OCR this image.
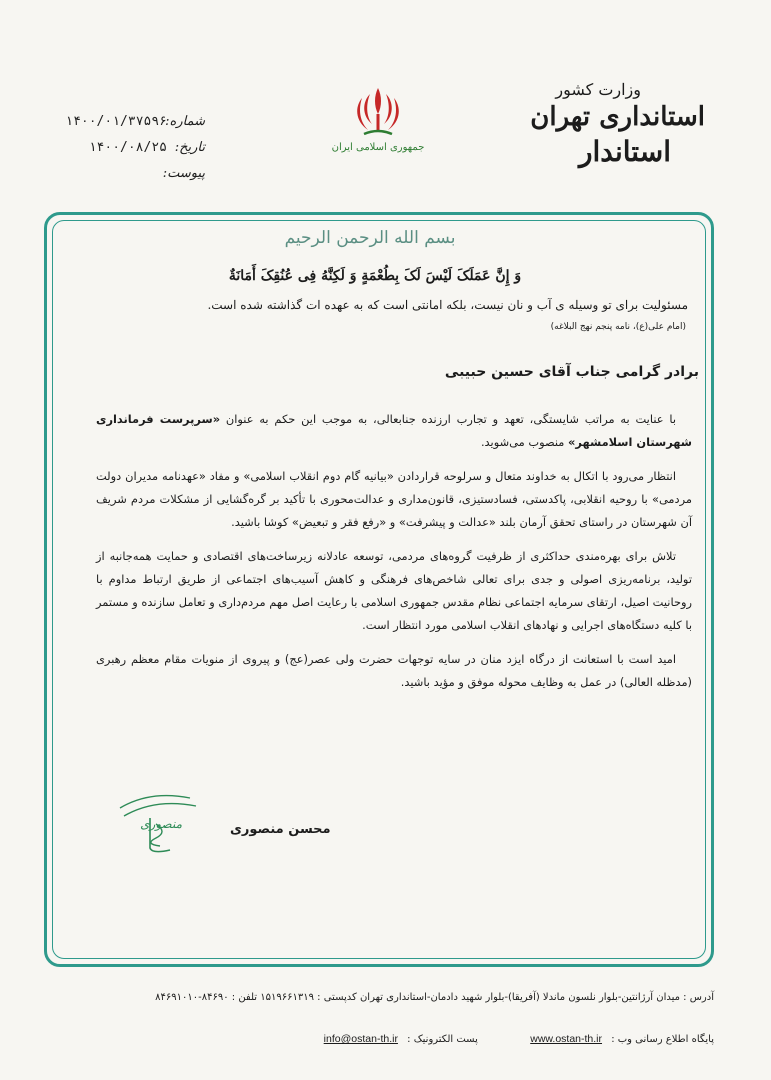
وزارت کشور
استانداری تهران
استاندار
جمهوری اسلامی ایران
شماره:
۱۴۰۰/۰۱/۳۷۵۹۶
تاریخ:
۱۴۰۰/۰۸/۲۵
پیوست:
بسم الله الرحمن الرحیم
وَ إِنَّ عَمَلَکَ لَیْسَ لَکَ بِطُعْمَةٍ وَ لَکِنَّهُ فِی عُنُقِکَ أَمَانَةٌ
مسئولیت برای تو وسیله ی آب و نان نیست، بلکه امانتی است که به عهده ات گذاشته شده است.
(امام علی(ع)، نامه پنجم نهج البلاغه)
برادر گرامی جناب آقای حسین حبیبی

با عنایت به مراتب شایستگی، تعهد و تجارب ارزنده جنابعالی، به موجب این حکم به عنوان «سرپرست فرمانداری شهرستان اسلامشهر» منصوب می‌شوید.

انتظار می‌رود با اتکال به خداوند متعال و سرلوحه قراردادن «بیانیه گام دوم انقلاب اسلامی» و مفاد «عهدنامه مدیران دولت مردمی» با روحیه انقلابی، پاکدستی، فسادستیزی، قانون‌مداری و عدالت‌محوری با تأکید بر گره‌گشایی از مشکلات مردم شریف آن شهرستان در راستای تحقق آرمان بلند «عدالت و پیشرفت» و «رفع فقر و تبعیض» کوشا باشید.

تلاش برای بهره‌مندی حداکثری از ظرفیت گروه‌های مردمی، توسعه عادلانه زیرساخت‌های اقتصادی و حمایت همه‌جانبه از تولید، برنامه‌ریزی اصولی و جدی برای تعالی شاخص‌های فرهنگی و کاهش آسیب‌های اجتماعی از طریق ارتباط مداوم با روحانیت اصیل، ارتقای سرمایه اجتماعی نظام مقدس جمهوری اسلامی با رعایت اصل مهم مردم‌داری و تعامل سازنده و مستمر با کلیه دستگاه‌های اجرایی و نهادهای انقلاب اسلامی مورد انتظار است.

امید است با استعانت از درگاه ایزد منان در سایه توجهات حضرت ولی عصر(عج) و پیروی از منویات مقام معظم رهبری (مدظله العالی) در عمل به وظایف محوله موفق و مؤید باشید.

منصوری	محسن منصوری
آدرس : میدان آرژانتین-بلوار نلسون ماندلا (آفریقا)-بلوار شهید دادمان-استانداری تهران کدپستی : ۱۵۱۹۶۶۱۳۱۹ تلفن : ۸۴۶۹۰-۸۴۶۹۱۰۱۰
پایگاه اطلاع رسانی وب : www.ostan-th.ir  پست الکترونیک : info@ostan-th.ir
